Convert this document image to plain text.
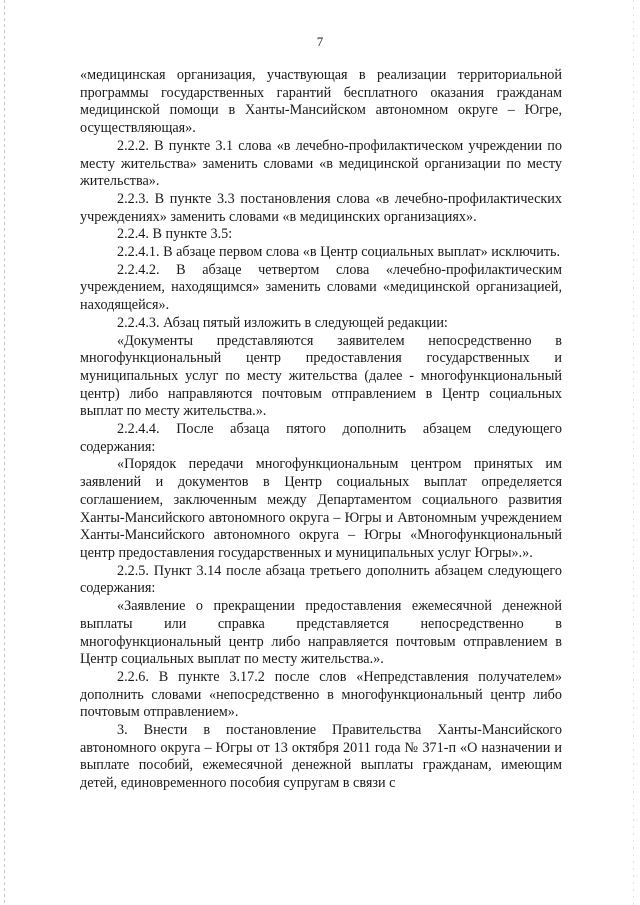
7

«медицинская организация, участвующая в реализации территориальной программы государственных гарантий бесплатного оказания гражданам медицинской помощи в Ханты-Мансийском автономном округе – Югре, осуществляющая».

2.2.2. В пункте 3.1 слова «в лечебно-профилактическом учреждении по месту жительства» заменить словами «в медицинской организации по месту жительства».

2.2.3. В пункте 3.3 постановления слова «в лечебно-профилактических учреждениях» заменить словами «в медицинских организациях».

2.2.4. В пункте 3.5:

2.2.4.1. В абзаце первом слова «в Центр социальных выплат» исключить.

2.2.4.2. В абзаце четвертом слова «лечебно-профилактическим учреждением, находящимся» заменить словами «медицинской организацией, находящейся».

2.2.4.3. Абзац пятый изложить в следующей редакции:

«Документы представляются заявителем непосредственно в многофункциональный центр предоставления государственных и муниципальных услуг по месту жительства (далее - многофункциональный центр) либо направляются почтовым отправлением в Центр социальных выплат по месту жительства.».

2.2.4.4. После абзаца пятого дополнить абзацем следующего содержания:

«Порядок передачи многофункциональным центром принятых им заявлений и документов в Центр социальных выплат определяется соглашением, заключенным между Департаментом социального развития Ханты-Мансийского автономного округа – Югры и Автономным учреждением Ханты-Мансийского автономного округа – Югры «Многофункциональный центр предоставления государственных и муниципальных услуг Югры».».

2.2.5. Пункт 3.14 после абзаца третьего дополнить абзацем следующего содержания:

«Заявление о прекращении предоставления ежемесячной денежной выплаты или справка представляется непосредственно в многофункциональный центр либо направляется почтовым отправлением в Центр социальных выплат по месту жительства.».

2.2.6. В пункте 3.17.2 после слов «Непредставления получателем» дополнить словами «непосредственно в многофункциональный центр либо почтовым отправлением».

3. Внести в постановление Правительства Ханты-Мансийского автономного округа – Югры от 13 октября 2011 года № 371-п «О назначении и выплате пособий, ежемесячной денежной выплаты гражданам, имеющим детей, единовременного пособия супругам в связи с
